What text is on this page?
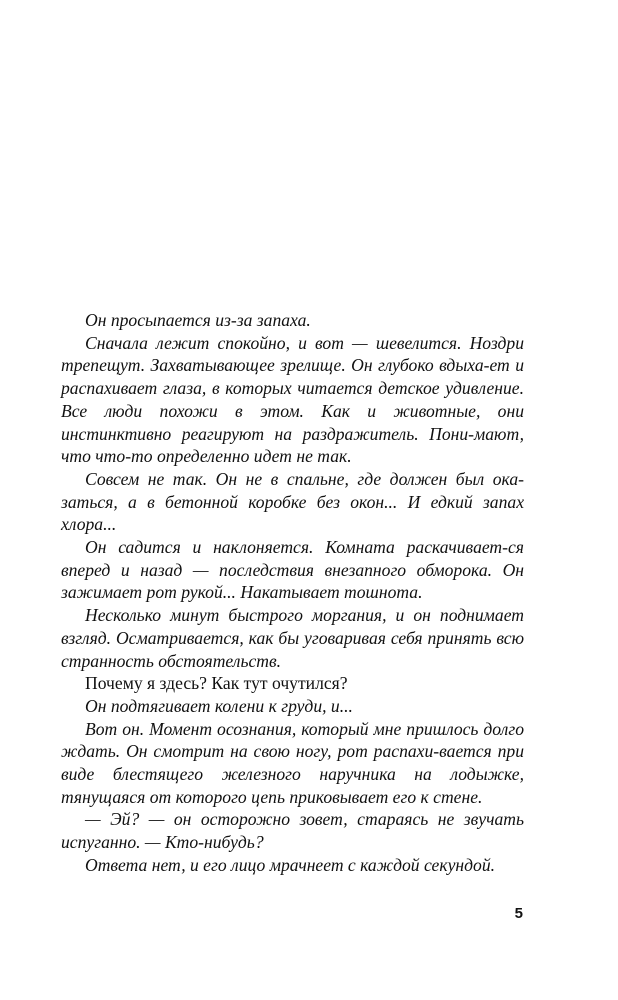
Он просыпается из-за запаха.

Сначала лежит спокойно, и вот — шевелится. Ноздри трепещут. Захватывающее зрелище. Он глубоко вдыха-ет и распахивает глаза, в которых читается детское удивление. Все люди похожи в этом. Как и животные, они инстинктивно реагируют на раздражитель. Пони-мают, что что-то определенно идет не так.

Совсем не так. Он не в спальне, где должен был ока-заться, а в бетонной коробке без окон... И едкий запах хлора...

Он садится и наклоняется. Комната раскачивает-ся вперед и назад — последствия внезапного обморока. Он зажимает рот рукой... Накатывает тошнота.

Несколько минут быстрого моргания, и он поднимает взгляд. Осматривается, как бы уговаривая себя принять всю странность обстоятельств.

Почему я здесь? Как тут очутился?

Он подтягивает колени к груди, и...

Вот он. Момент осознания, который мне пришлось долго ждать. Он смотрит на свою ногу, рот распахи-вается при виде блестящего железного наручника на лодыжке, тянущаяся от которого цепь приковывает его к стене.

— Эй? — он осторожно зовет, стараясь не звучать испуганно. — Кто-нибудь?

Ответа нет, и его лицо мрачнеет с каждой секундой.

5
